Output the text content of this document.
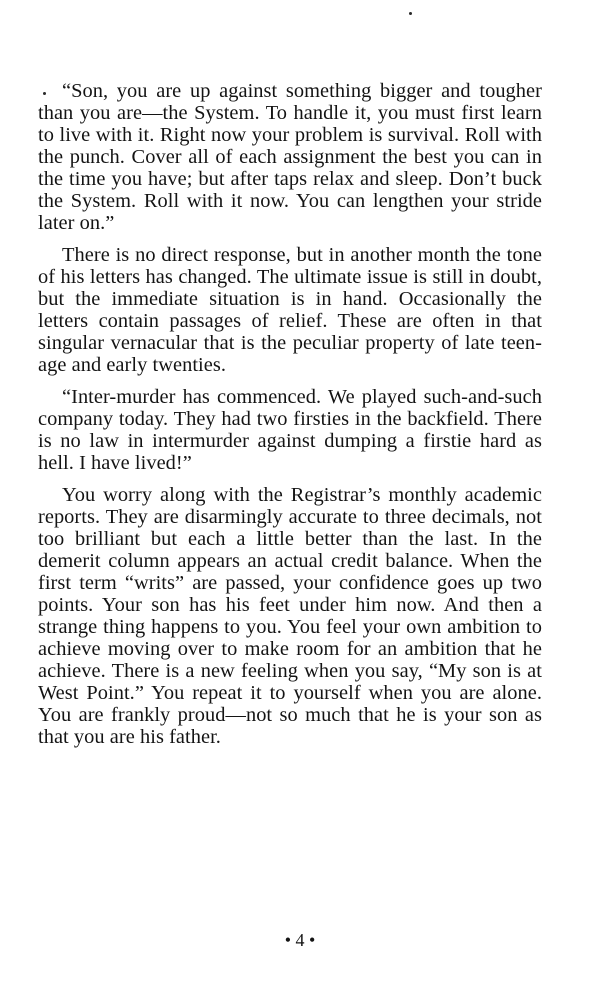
“Son, you are up against something bigger and tougher than you are—the System. To handle it, you must first learn to live with it. Right now your problem is survival. Roll with the punch. Cover all of each assignment the best you can in the time you have; but after taps relax and sleep. Don’t buck the System. Roll with it now. You can lengthen your stride later on.”

There is no direct response, but in another month the tone of his letters has changed. The ultimate issue is still in doubt, but the immediate situation is in hand. Occasionally the letters contain passages of relief. These are often in that singular vernacular that is the peculiar property of late teen-age and early twenties.

“Inter-murder has commenced. We played such-and-such company today. They had two firsties in the backfield. There is no law in intermurder against dumping a firstie hard as hell. I have lived!”

You worry along with the Registrar’s monthly academic reports. They are disarmingly accurate to three decimals, not too brilliant but each a little better than the last. In the demerit column appears an actual credit balance. When the first term “writs” are passed, your confidence goes up two points. Your son has his feet under him now. And then a strange thing happens to you. You feel your own ambition to achieve moving over to make room for an ambition that he achieve. There is a new feeling when you say, “My son is at West Point.” You repeat it to yourself when you are alone. You are frankly proud—not so much that he is your son as that you are his father.

• 4 •
